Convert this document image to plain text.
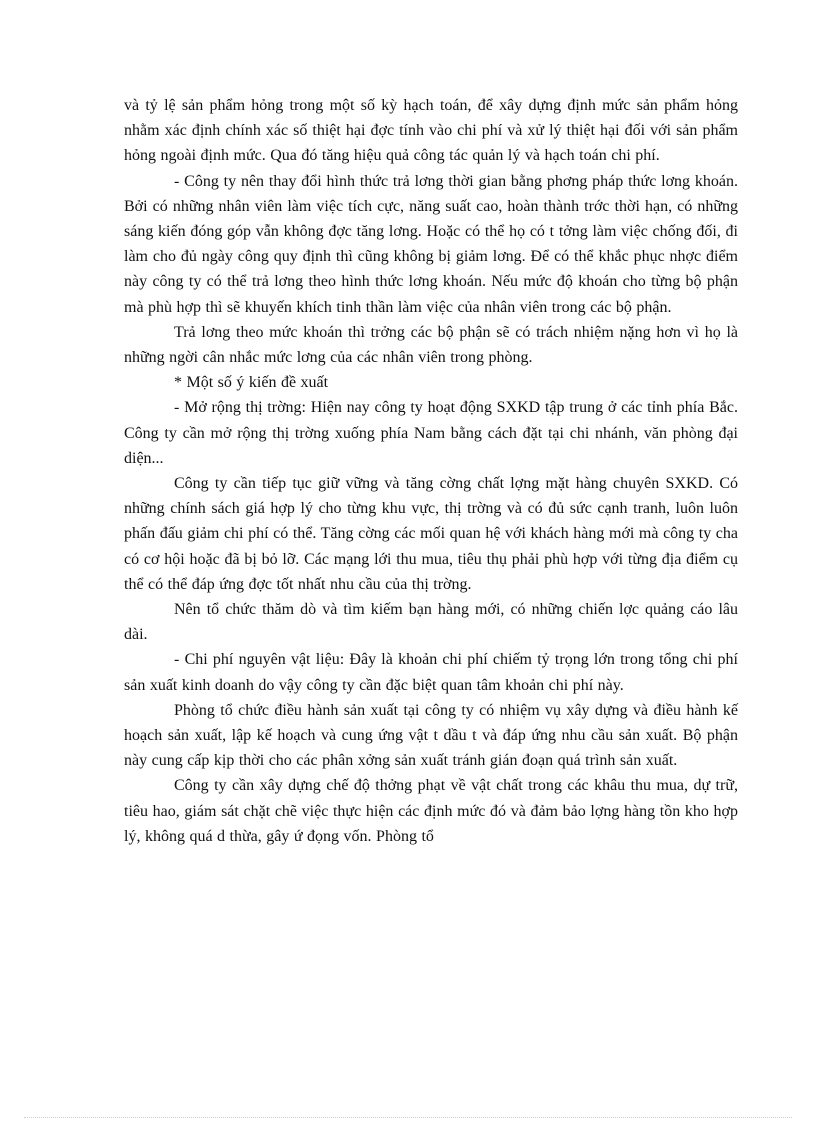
và tỷ lệ sản phẩm hỏng trong một số kỳ hạch toán, để xây dựng định mức sản phẩm hỏng nhằm xác định chính xác số thiệt hại đợc tính vào chi phí và xử lý thiệt hại đối với sản phẩm hỏng ngoài định mức. Qua đó tăng hiệu quả công tác quản lý và hạch toán chi phí.

- Công ty nên thay đổi hình thức trả lơng thời gian bằng phơng pháp thức lơng khoán. Bởi có những nhân viên làm việc tích cực, năng suất cao, hoàn thành trớc thời hạn, có những sáng kiến đóng góp vẫn không đợc tăng lơng. Hoặc có thể họ có t tởng làm việc chống đối, đi làm cho đủ ngày công quy định thì cũng không bị giảm lơng. Để có thể khắc phục nhợc điểm này công ty có thể trả lơng theo hình thức lơng khoán. Nếu mức độ khoán cho từng bộ phận mà phù hợp thì sẽ khuyến khích tinh thần làm việc của nhân viên trong các bộ phận.

Trả lơng theo mức khoán thì trởng các bộ phận sẽ có trách nhiệm nặng hơn vì họ là những ngời cân nhắc mức lơng của các nhân viên trong phòng.

* Một số ý kiến đề xuất

- Mở rộng thị trờng: Hiện nay công ty hoạt động SXKD tập trung ở các tỉnh phía Bắc. Công ty cần mở rộng thị trờng xuống phía Nam bằng cách đặt tại chi nhánh, văn phòng đại diện...

Công ty cần tiếp tục giữ vững và tăng cờng chất lợng mặt hàng chuyên SXKD. Có những chính sách giá hợp lý cho từng khu vực, thị trờng và có đủ sức cạnh tranh, luôn luôn phấn đấu giảm chi phí có thể. Tăng cờng các mối quan hệ với khách hàng mới mà công ty cha có cơ hội hoặc đã bị bỏ lỡ. Các mạng lới thu mua, tiêu thụ phải phù hợp với từng địa điểm cụ thể có thể đáp ứng đợc tốt nhất nhu cầu của thị trờng.

Nên tổ chức thăm dò và tìm kiếm bạn hàng mới, có những chiến lợc quảng cáo lâu dài.

- Chi phí nguyên vật liệu: Đây là khoản chi phí chiếm tỷ trọng lớn trong tổng chi phí sản xuất kinh doanh do vậy công ty cần đặc biệt quan tâm khoản chi phí này.

Phòng tổ chức điều hành sản xuất tại công ty có nhiệm vụ xây dựng và điều hành kế hoạch sản xuất, lập kế hoạch và cung ứng vật t dầu t và đáp ứng nhu cầu sản xuất. Bộ phận này cung cấp kịp thời cho các phân xởng sản xuất tránh gián đoạn quá trình sản xuất.

Công ty cần xây dựng chế độ thởng phạt về vật chất trong các khâu thu mua, dự trữ, tiêu hao, giám sát chặt chẽ việc thực hiện các định mức đó và đảm bảo lợng hàng tồn kho hợp lý, không quá d thừa, gây ứ đọng vốn. Phòng tổ
